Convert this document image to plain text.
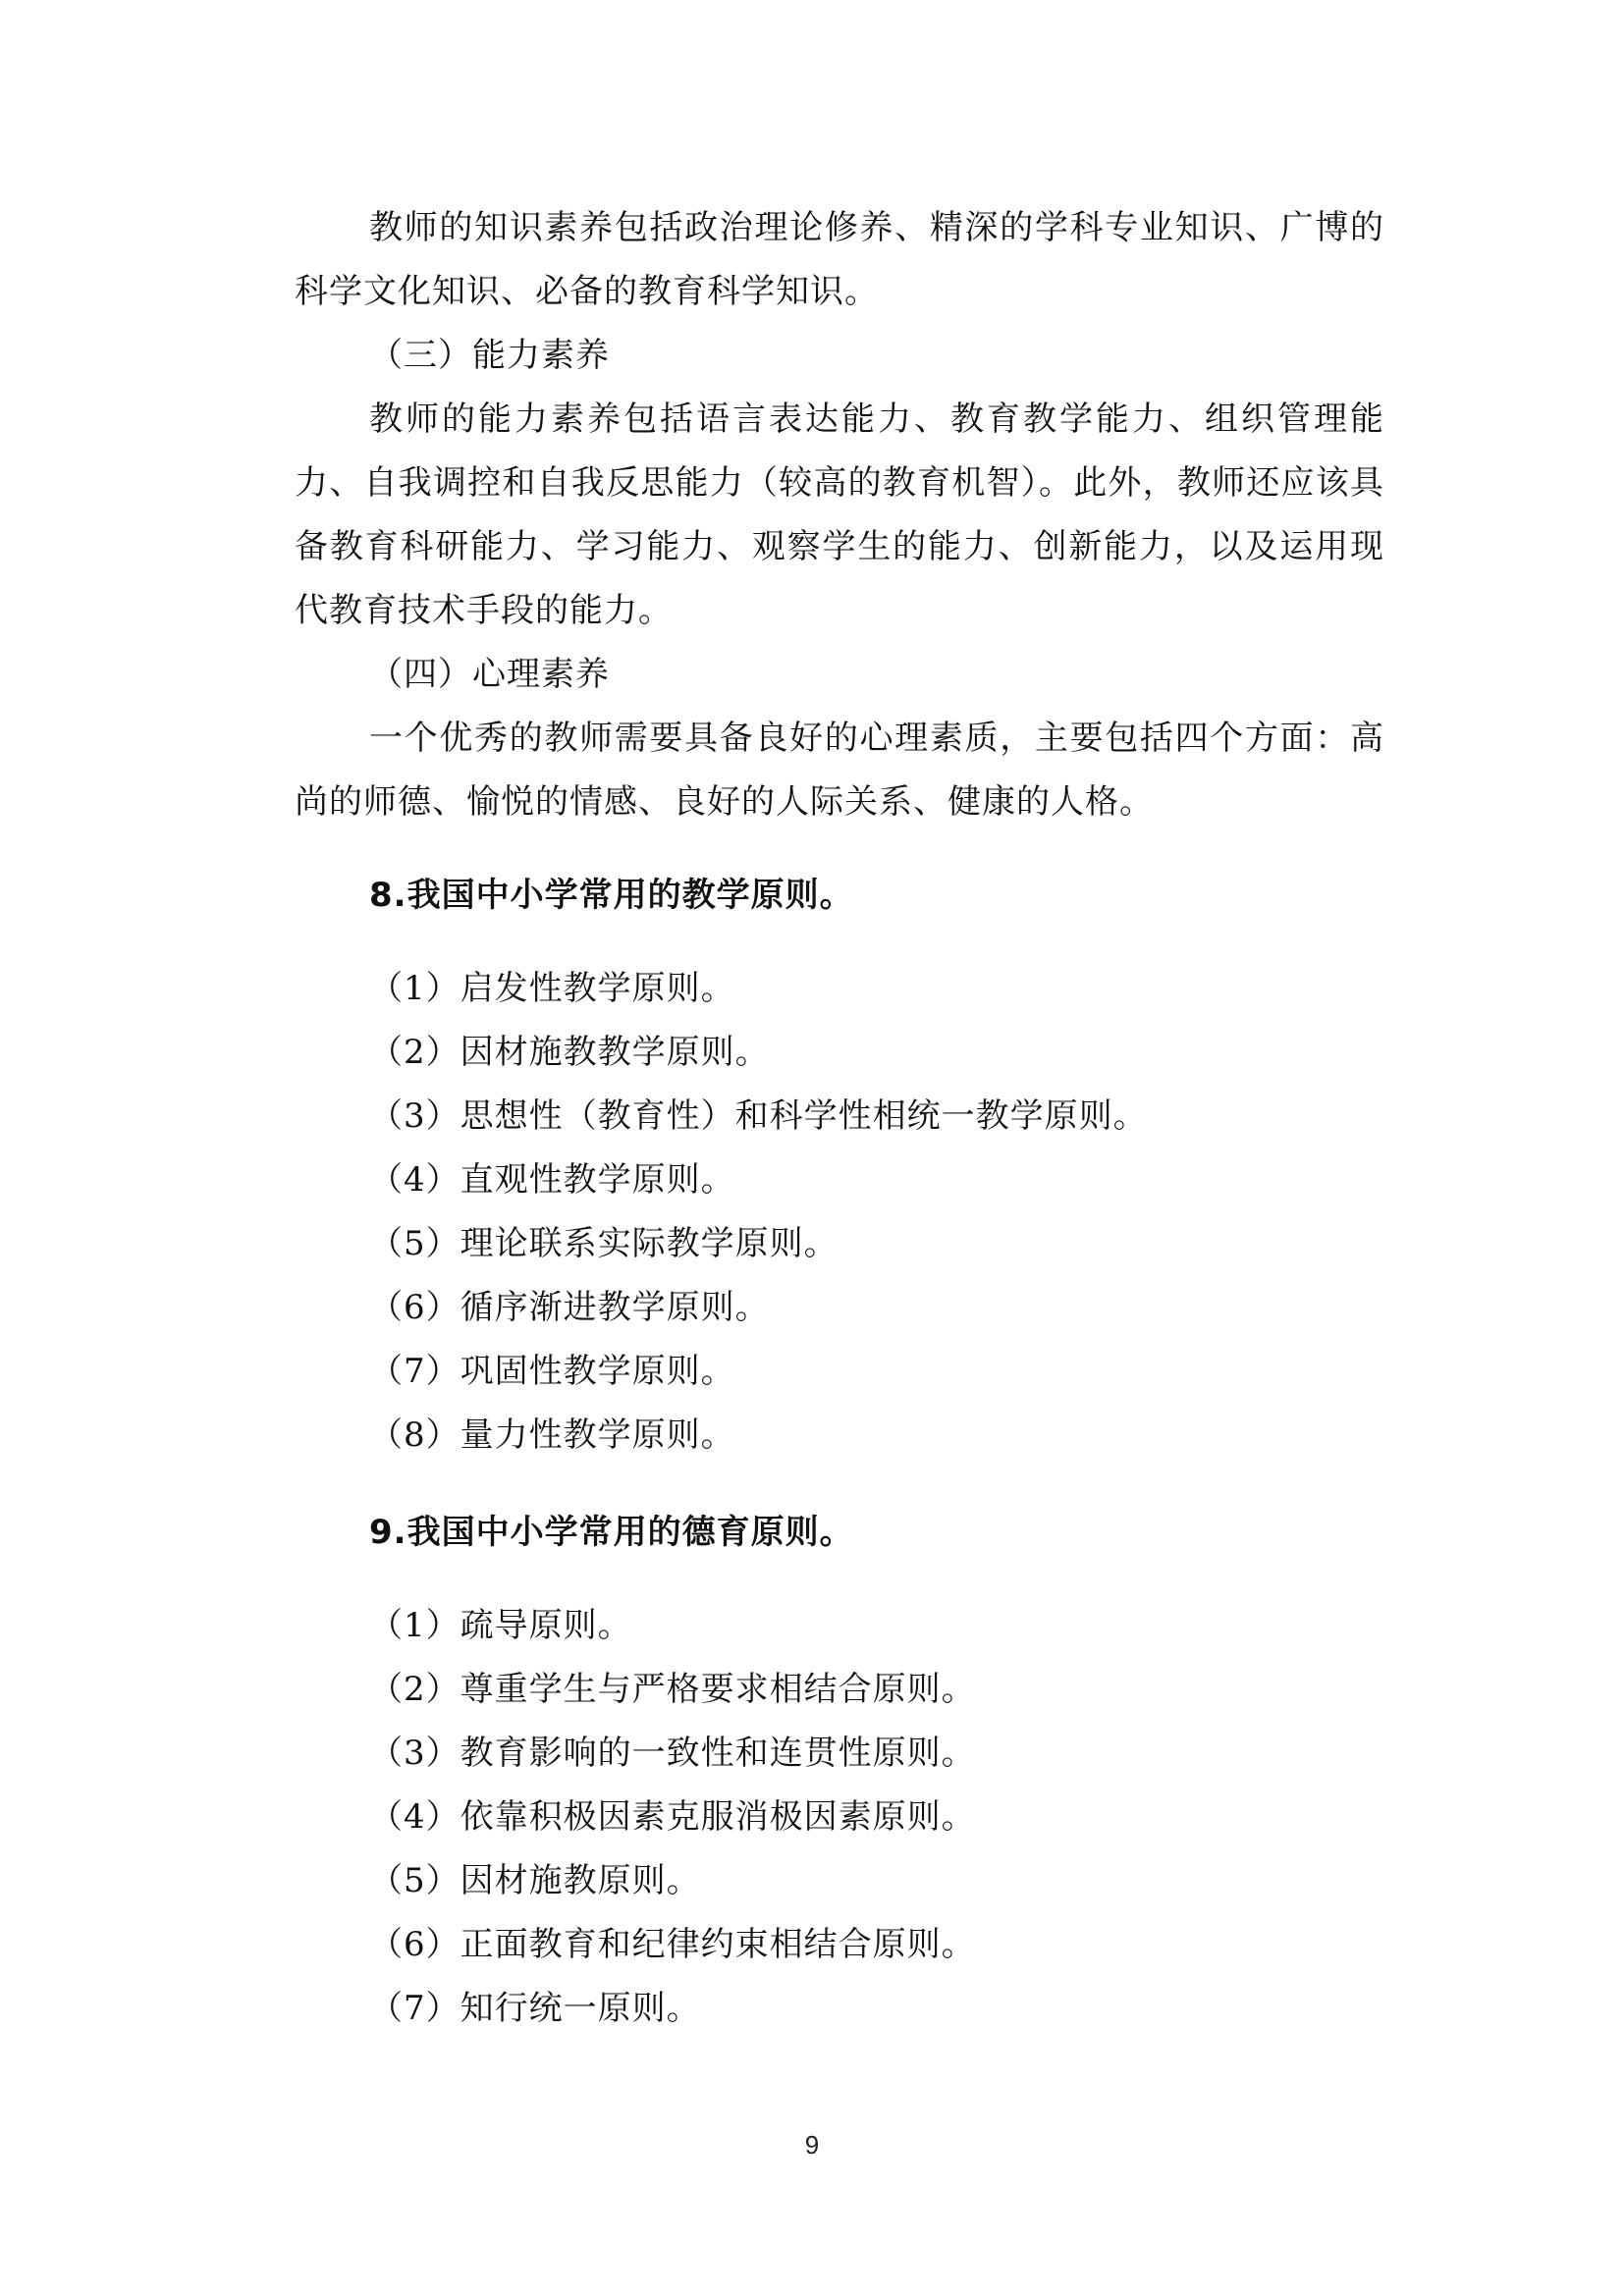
教师的知识素养包括政治理论修养、精深的学科专业知识、广博的科学文化知识、必备的教育科学知识。

（三）能力素养

教师的能力素养包括语言表达能力、教育教学能力、组织管理能力、自我调控和自我反思能力（较高的教育机智）。此外，教师还应该具备教育科研能力、学习能力、观察学生的能力、创新能力，以及运用现代教育技术手段的能力。

（四）心理素养

一个优秀的教师需要具备良好的心理素质，主要包括四个方面：高尚的师德、愉悦的情感、良好的人际关系、健康的人格。

8.我国中小学常用的教学原则。

（1）启发性教学原则。

（2）因材施教教学原则。

（3）思想性（教育性）和科学性相统一教学原则。

（4）直观性教学原则。

（5）理论联系实际教学原则。

（6）循序渐进教学原则。

（7）巩固性教学原则。

（8）量力性教学原则。

9.我国中小学常用的德育原则。

（1）疏导原则。

（2）尊重学生与严格要求相结合原则。

（3）教育影响的一致性和连贯性原则。

（4）依靠积极因素克服消极因素原则。

（5）因材施教原则。

（6）正面教育和纪律约束相结合原则。

（7）知行统一原则。

9
